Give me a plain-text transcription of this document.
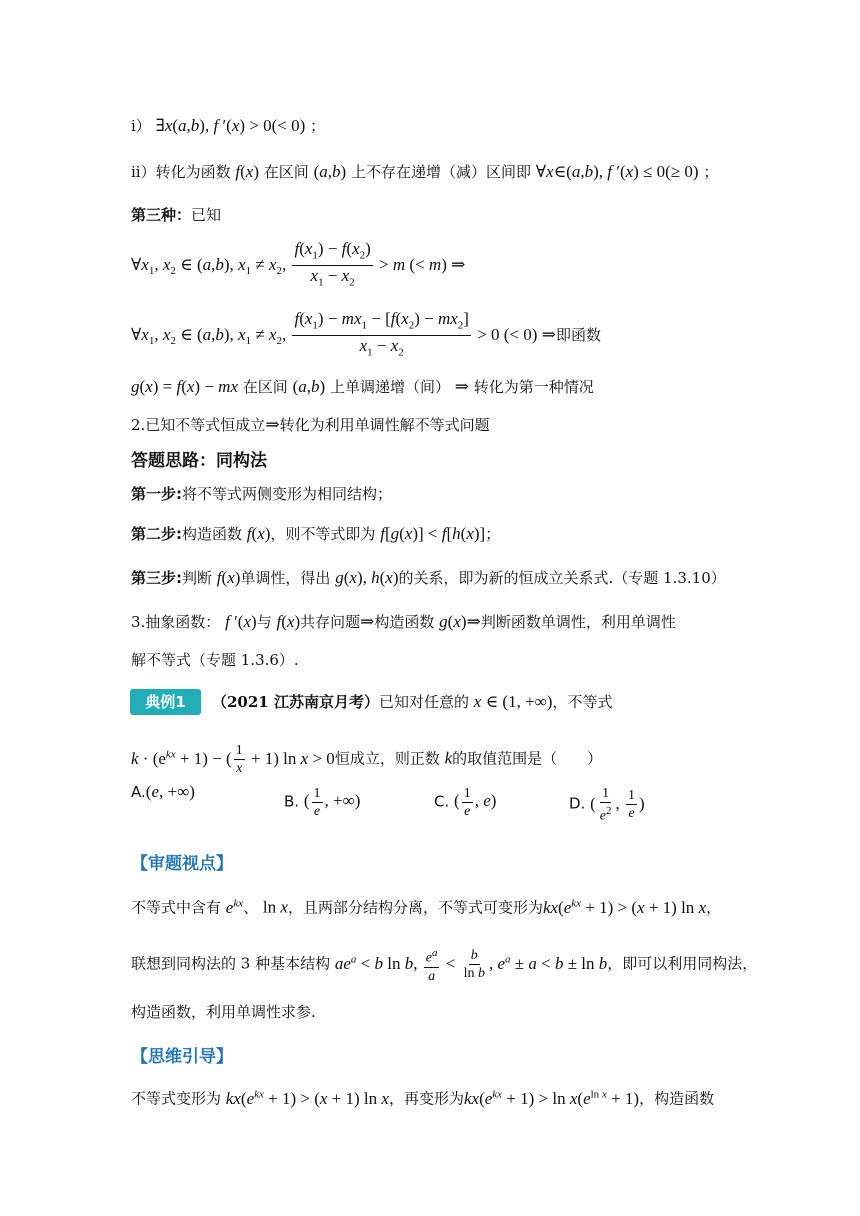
i） ∃x(a,b), f ′(x) > 0(< 0) ；
ii）转化为函数 f(x) 在区间 (a,b) 上不存在递增（减）区间即 ∀x∈(a,b), f ′(x) ≤ 0(≥ 0) ；
第三种：已知
$\forall x_1$, $x_2$ ∈ (a,b), $x_1 \ne x_2$, $\frac{f(x_1) - f(x_2)}{x_1 - x_2} > m$ (< m) ⇒
$\forall x_1$, $x_2$ ∈ (a,b), $x_1 \ne x_2$, $\frac{f(x_1) - mx_1 - [f(x_2) - mx_2]}{x_1 - x_2} > 0$ (< 0) ⇒即函数
g(x) = f(x) − mx 在区间 (a,b) 上单调递增（间） ⇒ 转化为第一种情况
2.已知不等式恒成立⇒转化为利用单调性解不等式问题
答题思路：同构法
第一步:将不等式两侧变形为相同结构；
第二步:构造函数 f(x)，则不等式即为 f[g(x)] < f[h(x)]；
第三步:判断 f(x)单调性，得出 g(x), h(x)的关系，即为新的恒成立关系式.（专题 1.3.10）
3.抽象函数： f ′(x)与 f(x)共存问题⇒构造函数 g(x)⇒判断函数单调性，利用单调性
解不等式（专题 1.3.6）.
典例1	（2021 江苏南京月考）已知对任意的 x ∈ (1, +∞)，不等式
$k \cdot (e^{kx} + 1)$ − ( $\frac{1}{x} + 1$) ln x > 0恒成立，则正数 k的取值范围是（　　）
A.(e, +∞)
B. ( $\frac{1}{e}$ , +∞)	C. ( $\frac{1}{e}$ , e)	D. ( $\frac{1}{e^2}$ , $\frac{1}{e}$ )
【审题视点】
不等式中含有 $e^{kx}$、 ln x，且两部分结构分离，不等式可变形为$kx(e^{kx} + 1) > (x + 1)$ ln x，
联想到同构法的 3 种基本结构 $ae^a < b$ ln b, $\frac{e^a}{a} < \frac{b}{\text{ln b}}$ , $e^a \pm a < b \pm \ln b$，即可以利用同构法，
构造函数，利用单调性求参.
【思维引导】
不等式变形为 $kx(e^{kx} + 1) > (x + 1)$ ln x，再变形为$kx(e^{kx} + 1) > \ln x(e^{ln x} + 1)$，构造函数
